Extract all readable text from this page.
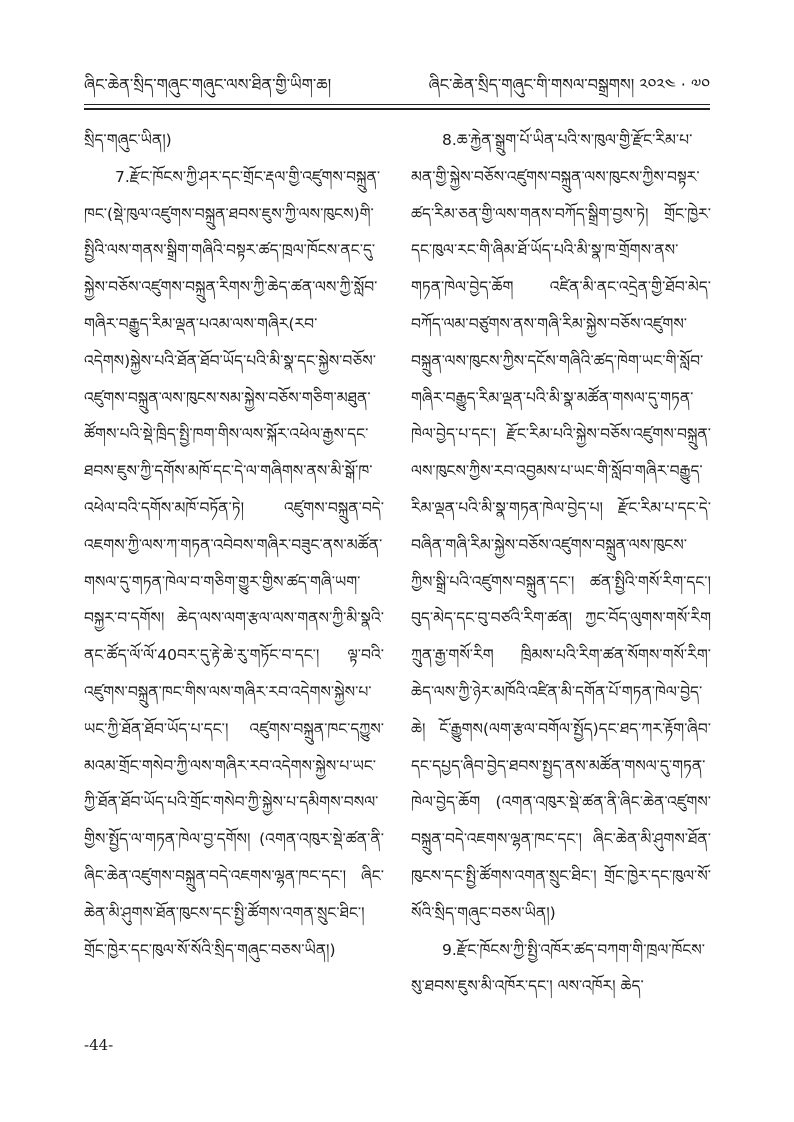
ཞིང་ཆེན་སྲིད་གཞུང་གཞུང་ལས་ཐིན་གྱི་ཡིག་ཆ།	ཞིང་ཆེན་སྲིད་གཞུང་གི་གསལ་བསྒྲགས། ༢༠༢༤ · ༧༠

སྲིད་གཞུང་ཡིན།)

7.རྫོང་ཁོངས་ཀྱི་ཤར་དང་གྲོང་རྡལ་གྱི་འཛུགས་བསྐྲུན་ཁང་(སྡེ་ཁུལ་འཛུགས་བསྐྲུན་ཐབས་ཇུས་ཀྱི་ལས་ཁུངས)གི་སྤྱིའི་ལས་གནས་སྒྲིག་གཞིའི་བསྟར་ཚད་ཁྲལ་ཁོངས་ནང་དུ་སྐྱེས་བཅོས་འཛུགས་བསྐྲུན་རིགས་ཀྱི་ཆེད་ཚན་ལས་ཀྱི་སློབ་གཞིར་བརྒྱུད་རིམ་ལྡན་པའམ་ལས་གཞིར(རབ་འདེགས)སྐྱེས་པའི་ཐོན་ཐོབ་ཡོད་པའི་མི་སྣ་དང་སྐྱེས་བཅོས་འཛུགས་བསྐྲུན་ལས་ཁུངས་སམ་སྐྱེས་བཅོས་གཅིག་མཐུན་ཚོགས་པའི་སྡེ་ཁྲིད་སྤྱི་ཁག་གིས་ལས་སྐོར་འཕེལ་རྒྱས་དང་ཐབས་ཇུས་ཀྱི་དགོས་མཁོ་དང་དེ་ལ་གཞིགས་ནས་མི་སྒོ་ཁ་འཕེལ་བའི་དགོས་མཁོ་བཏོན་ཏེ། འཛུགས་བསྐྲུན་བདེ་འཇགས་ཀྱི་ལས་ཀ་གཏན་འབེབས་གཞིར་བཟུང་ནས་མཚོན་གསལ་དུ་གཏན་ཁེལ་བ་གཅིག་གྱུར་གྱིས་ཚད་གཞི་ཡག་བསྐྱར་བ་དགོས། ཆེད་ལས་ལག་རྩལ་ལས་གནས་ཀྱི་མི་སྣའི་ནང་ཚོད་ལོ་ལོ་40བར་དུ་རྟེ་ཆེ་རུ་གཏོང་བ་དང་། ལྟ་བའི་འཛུགས་བསྐྲུན་ཁང་གིས་ལས་གཞིར་རབ་འདེགས་སྐྱེས་པ་ཡང་ཀྱི་ཐོན་ཐོབ་ཡོད་པ་དང་། འཛུགས་བསྐྲུན་ཁང་དཀྱུས་མའམ་གྲོང་གསེབ་ཀྱི་ལས་གཞིར་རབ་འདེགས་སྐྱེས་པ་ཡང་ཀྱི་ཐོན་ཐོབ་ཡོད་པའི་གྲོང་གསེབ་ཀྱི་སྐྱེས་པ་དམིགས་བསལ་གྱིས་སྤྱོད་ལ་གཏན་ཁེལ་བྱ་དགོས། (འགན་འཁུར་སྡེ་ཚན་ནི་ཞིང་ཆེན་འཛུགས་བསྐྲུན་བདེ་འཇགས་ལྷན་ཁང་དང་། ཞིང་ཆེན་མི་ཤུགས་ཐོན་ཁུངས་དང་སྤྱི་ཚོགས་འགན་སྲུང་ཐིང་། གྲོང་ཁྱེར་དང་ཁུལ་སོ་སོའི་སྲིད་གཞུང་བཅས་ཡིན།)

8.ཆ་རྐྱེན་སྒྲུག་པོ་ཡིན་པའི་ས་ཁུལ་གྱི་རྫོང་རིམ་པ་མན་གྱི་སྐྱེས་བཅོས་འཛུགས་བསྐྲུན་ལས་ཁུངས་ཀྱིས་བསྟར་ཚད་རིམ་ཅན་གྱི་ལས་གནས་བཀོད་སྒྲིག་བྱས་ཏེ། གྲོང་ཁྱེར་དང་ཁུལ་རང་གི་ཞིམ་ཐོ་ཡོད་པའི་མི་སྣ་ཁ་གྲོགས་ནས་གཏན་ཁེལ་བྱེད་ཆོག འཛིན་མི་ནང་འདྲེན་གྱི་ཐོབ་མེད་བཀོད་ལམ་བཙུགས་ནས་གཞི་རིམ་སྐྱེས་བཅོས་འཛུགས་བསྐྲུན་ལས་ཁུངས་ཀྱིས་དངོས་གཞིའི་ཚད་ཁེག་ཡང་གི་སློབ་གཞིར་བརྒྱུད་རིམ་ལྡན་པའི་མི་སྣ་མཚོན་གསལ་དུ་གཏན་ཁེལ་བྱེད་པ་དང་། རྫོང་རིམ་པའི་སྐྱེས་བཅོས་འཛུགས་བསྐྲུན་ལས་ཁུངས་ཀྱིས་རབ་འབྱམས་པ་ཡང་གི་སློབ་གཞིར་བརྒྱུད་རིམ་ལྡན་པའི་མི་སྣ་གཏན་ཁེལ་བྱེད་པ། རྫོང་རིམ་པ་དང་དེ་བཞིན་གཞི་རིམ་སྐྱེས་བཅོས་འཛུགས་བསྐྲུན་ལས་ཁུངས་ཀྱིས་སྒྲི་པའི་འཛུགས་བསྐྲུན་དང་། ཚན་སྤྱིའི་གསོ་རིག་དང་། བུད་མེད་དང་བུ་བཙའི་རིག་ཚན། ཀྱང་བོད་ལུགས་གསོ་རིག ཀྲུན་རྒྱ་གསོ་རིག ཁྲིམས་པའི་རིག་ཚན་སོགས་གསོ་རིག་ཆེད་ལས་ཀྱི་ཉེར་མཁོའི་འཛིན་མི་དགོན་པོ་གཏན་ཁེལ་བྱེད་ཆེ། ངོ་རྒྱུགས(ལག་རྩལ་བགོལ་སྤྱོད)དང་ཐད་ཀར་རྟོག་ཞིབ་དང་དཔྱད་ཞིབ་བྱེད་ཐབས་སྤྱད་ནས་མཚོན་གསལ་དུ་གཏན་ཁེལ་བྱེད་ཆོག (འགན་འཁུར་སྡེ་ཚན་ནི་ཞིང་ཆེན་འཛུགས་བསྐྲུན་བདེ་འཇགས་ལྷན་ཁང་དང་། ཞིང་ཆེན་མི་ཤུགས་ཐོན་ཁུངས་དང་སྤྱི་ཚོགས་འགན་སྲུང་ཐིང་། གྲོང་ཁྱེར་དང་ཁུལ་སོ་སོའི་སྲིད་གཞུང་བཅས་ཡིན།)

9.རྫོང་ཁོངས་ཀྱི་སྤྱི་འཁོར་ཚད་བཀག་གི་ཁྲལ་ཁོངས་སུ་ཐབས་ཇུས་མི་འཁོར་དང་། ལས་འཁོར། ཆེད་

-44-
